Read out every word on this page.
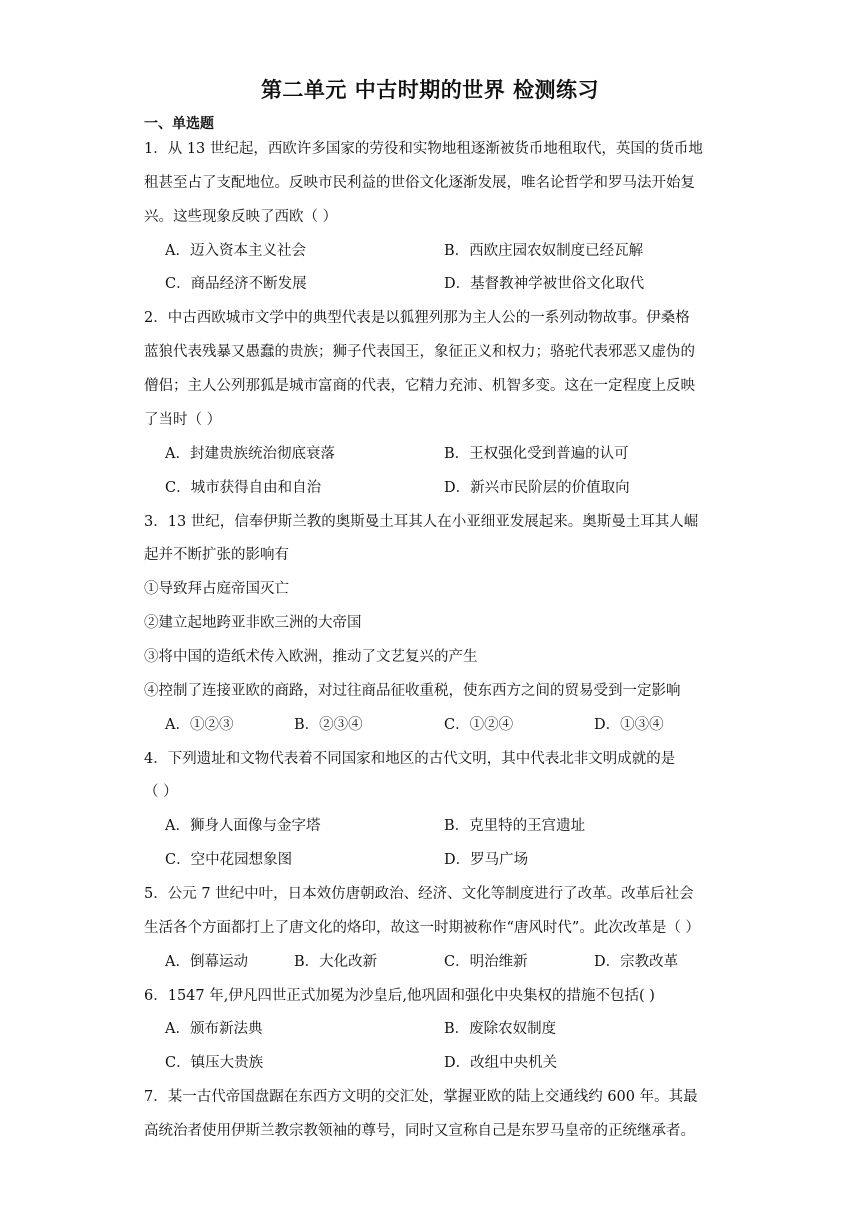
第二单元 中古时期的世界 检测练习
一、单选题
1．从 13 世纪起，西欧许多国家的劳役和实物地租逐渐被货币地租取代，英国的货币地
租甚至占了支配地位。反映市民利益的世俗文化逐渐发展，唯名论哲学和罗马法开始复
兴。这些现象反映了西欧（ ）
A．迈入资本主义社会	B．西欧庄园农奴制度已经瓦解
C．商品经济不断发展	D．基督教神学被世俗文化取代
2．中古西欧城市文学中的典型代表是以狐狸列那为主人公的一系列动物故事。伊桑格
蓝狼代表残暴又愚蠢的贵族；狮子代表国王，象征正义和权力；骆驼代表邪恶又虚伪的
僧侣；主人公列那狐是城市富商的代表，它精力充沛、机智多变。这在一定程度上反映
了当时（ ）
A．封建贵族统治彻底衰落	B．王权强化受到普遍的认可
C．城市获得自由和自治	D．新兴市民阶层的价值取向
3．13 世纪，信奉伊斯兰教的奥斯曼土耳其人在小亚细亚发展起来。奥斯曼土耳其人崛
起并不断扩张的影响有
①导致拜占庭帝国灭亡
②建立起地跨亚非欧三洲的大帝国
③将中国的造纸术传入欧洲，推动了文艺复兴的产生
④控制了连接亚欧的商路，对过往商品征收重税，使东西方之间的贸易受到一定影响
A．①②③	B．②③④	C．①②④	D．①③④
4．下列遗址和文物代表着不同国家和地区的古代文明，其中代表北非文明成就的是
（ ）
A．狮身人面像与金字塔	B．克里特的王宫遗址
C．空中花园想象图	D．罗马广场
5．公元 7 世纪中叶，日本效仿唐朝政治、经济、文化等制度进行了改革。改革后社会
生活各个方面都打上了唐文化的烙印，故这一时期被称作“唐风时代”。此次改革是（ ）
A．倒幕运动	B．大化改新	C．明治维新	D．宗教改革
6．1547 年,伊凡四世正式加冕为沙皇后,他巩固和强化中央集权的措施不包括( )
A．颁布新法典	B．废除农奴制度
C．镇压大贵族	D．改组中央机关
7．某一古代帝国盘踞在东西方文明的交汇处，掌握亚欧的陆上交通线约 600 年。其最
高统治者使用伊斯兰教宗教领袖的尊号，同时又宣称自己是东罗马皇帝的正统继承者。
